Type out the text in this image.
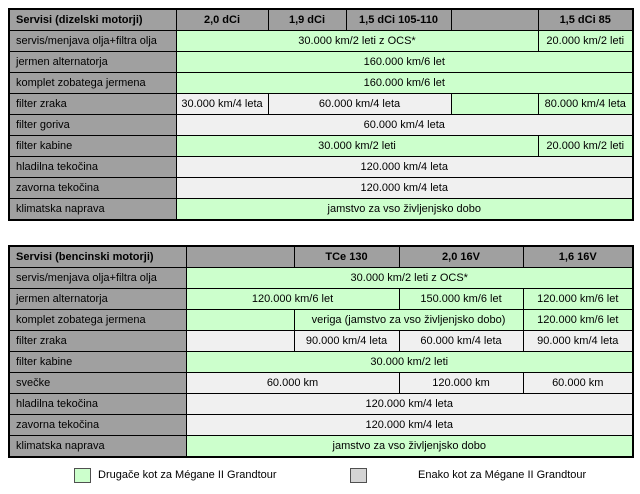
Servisi (dizelski motorji)	2,0 dCi	1,9 dCi	1,5 dCi 105-110		1,5 dCi 85
servis/menjava olja+filtra olja	30.000 km/2 leti z OCS*				20.000 km/2 leti
jermen alternatorja	160.000 km/6 let				
komplet zobatega jermena	160.000 km/6 let				
filter zraka	30.000 km/4 leta	60.000 km/4 leta			80.000 km/4 leta
filter goriva	60.000 km/4 leta				
filter kabine	30.000 km/2 leti				20.000 km/2 leti
hladilna tekočina	120.000 km/4 leta				
zavorna tekočina	120.000 km/4 leta				
klimatska naprava	jamstvo za vso življenjsko dobo				
Servisi (bencinski motorji)		TCe 130	2,0 16V	1,6 16V
servis/menjava olja+filtra olja	30.000 km/2 leti z OCS*			
jermen alternatorja	120.000 km/6 let		150.000 km/6 let	120.000 km/6 let
komplet zobatega jermena		veriga (jamstvo za vso življenjsko dobo)		120.000 km/6 let
filter zraka		90.000 km/4 leta	60.000 km/4 leta	90.000 km/4 leta
filter kabine	30.000 km/2 leti			
svečke	60.000 km		120.000 km	60.000 km
hladilna tekočina	120.000 km/4 leta			
zavorna tekočina	120.000 km/4 leta			
klimatska naprava	jamstvo za vso življenjsko dobo			
Drugače kot za Mégane II Grandtour	Enako kot za Mégane II Grandtour
